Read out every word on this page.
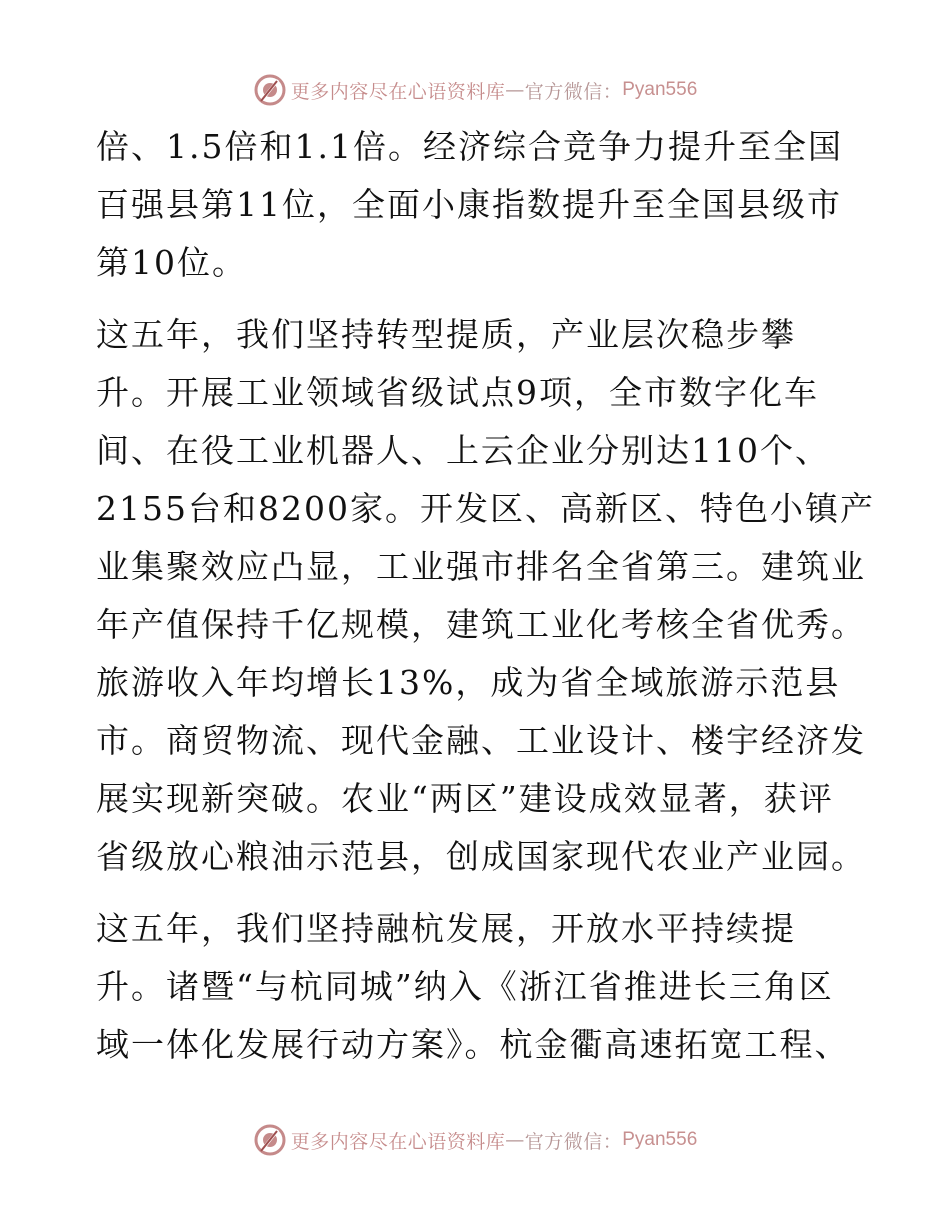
更多内容尽在心语资料库 — 官方微信： Pyan556
倍、1.5倍和1.1倍。经济综合竞争力提升至全国
百强县第11位，全面小康指数提升至全国县级市
第10位。
这五年，我们坚持转型提质，产业层次稳步攀
升。开展工业领域省级试点9项，全市数字化车
间、在役工业机器人、上云企业分别达110个、
2155台和8200家。开发区、高新区、特色小镇产
业集聚效应凸显，工业强市排名全省第三。建筑业
年产值保持千亿规模，建筑工业化考核全省优秀。
旅游收入年均增长13%，成为省全域旅游示范县
市。商贸物流、现代金融、工业设计、楼宇经济发
展实现新突破。农业“两区”建设成效显著，获评
省级放心粮油示范县，创成国家现代农业产业园。
这五年，我们坚持融杭发展，开放水平持续提
升。诸暨“与杭同城”纳入《浙江省推进长三角区
域一体化发展行动方案》。杭金衢高速拓宽工程、
更多内容尽在心语资料库 — 官方微信： Pyan556
